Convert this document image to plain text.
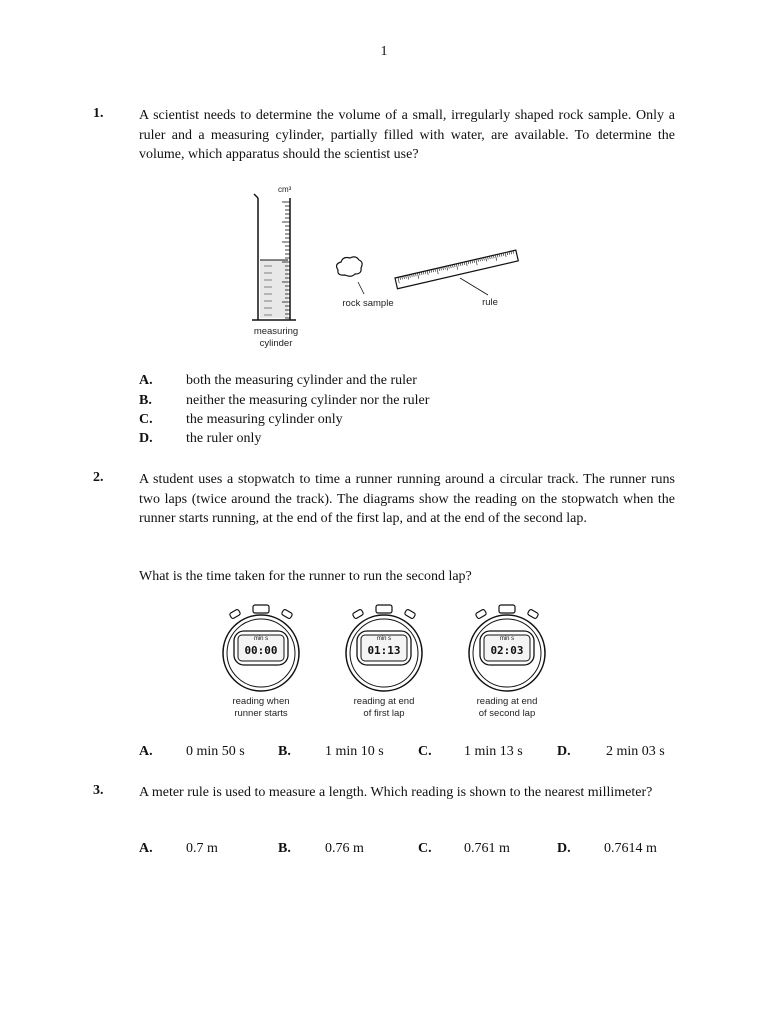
1
1.	A scientist needs to determine the volume of a small, irregularly shaped rock sample. Only a ruler and a measuring cylinder, partially filled with water, are available. To determine the volume, which apparatus should the scientist use?
cm³
measuring
cylinder
rock sample	rule
A. both the measuring cylinder and the ruler
B. neither the measuring cylinder nor the ruler
C. the measuring cylinder only
D. the ruler only
2.	A student uses a stopwatch to time a runner running around a circular track. The runner runs two laps (twice around the track). The diagrams show the reading on the stopwatch when the runner starts running, at the end of the first lap, and at the end of the second lap.
What is the time taken for the runner to run the second lap?
min s
00:00
reading when
runner starts
min s
01:13
reading at end
of first lap
min s
02:03
reading at end
of second lap
A. 0 min 50 s B. 1 min 10 s C. 1 min 13 s D.	2 min 03 s
3.	A meter rule is used to measure a length. Which reading is shown to the nearest millimeter?
A. 0.7 m	B. 0.76 m	C. 0.761 m	D. 0.7614 m
